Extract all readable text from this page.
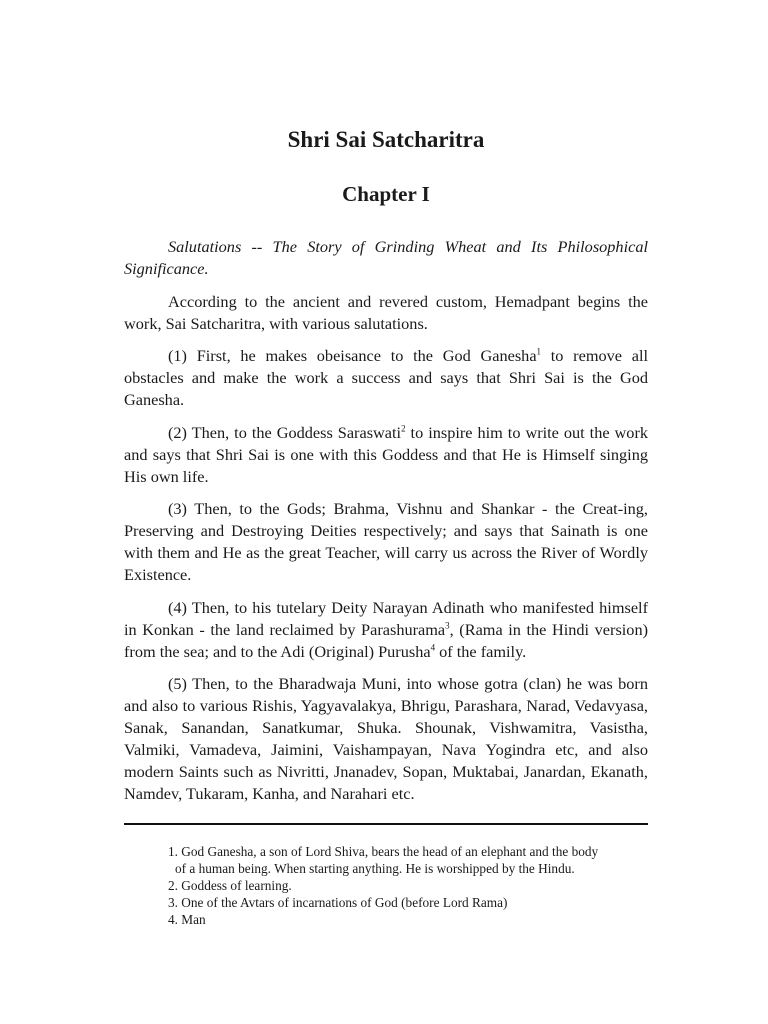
Shri Sai Satcharitra
Chapter I

Salutations -- The Story of Grinding Wheat and Its Philosophical Significance.

According to the ancient and revered custom, Hemadpant begins the work, Sai Satcharitra, with various salutations.

(1) First, he makes obeisance to the God Ganesha$^1$ to remove all obstacles and make the work a success and says that Shri Sai is the God Ganesha.

(2) Then, to the Goddess Saraswati$^2$ to inspire him to write out the work and says that Shri Sai is one with this Goddess and that He is Himself singing His own life.

(3) Then, to the Gods; Brahma, Vishnu and Shankar - the Creat-ing, Preserving and Destroying Deities respectively; and says that Sainath is one with them and He as the great Teacher, will carry us across the River of Wordly Existence.

(4) Then, to his tutelary Deity Narayan Adinath who manifested himself in Konkan - the land reclaimed by Parashurama$^3$, (Rama in the Hindi version) from the sea; and to the Adi (Original) Purusha$^4$ of the family.

(5) Then, to the Bharadwaja Muni, into whose gotra (clan) he was born and also to various Rishis, Yagyavalakya, Bhrigu, Parashara, Narad, Vedavyasa, Sanak, Sanandan, Sanatkumar, Shuka. Shounak, Vishwamitra, Vasistha, Valmiki, Vamadeva, Jaimini, Vaishampayan, Nava Yogindra etc, and also modern Saints such as Nivritti, Jnanadev, Sopan, Muktabai, Janardan, Ekanath, Namdev, Tukaram, Kanha, and Narahari etc.

1. God Ganesha, a son of Lord Shiva, bears the head of an elephant and the body
of a human being. When starting anything. He is worshipped by the Hindu.
2. Goddess of learning.
3. One of the Avtars of incarnations of God (before Lord Rama)
4. Man
